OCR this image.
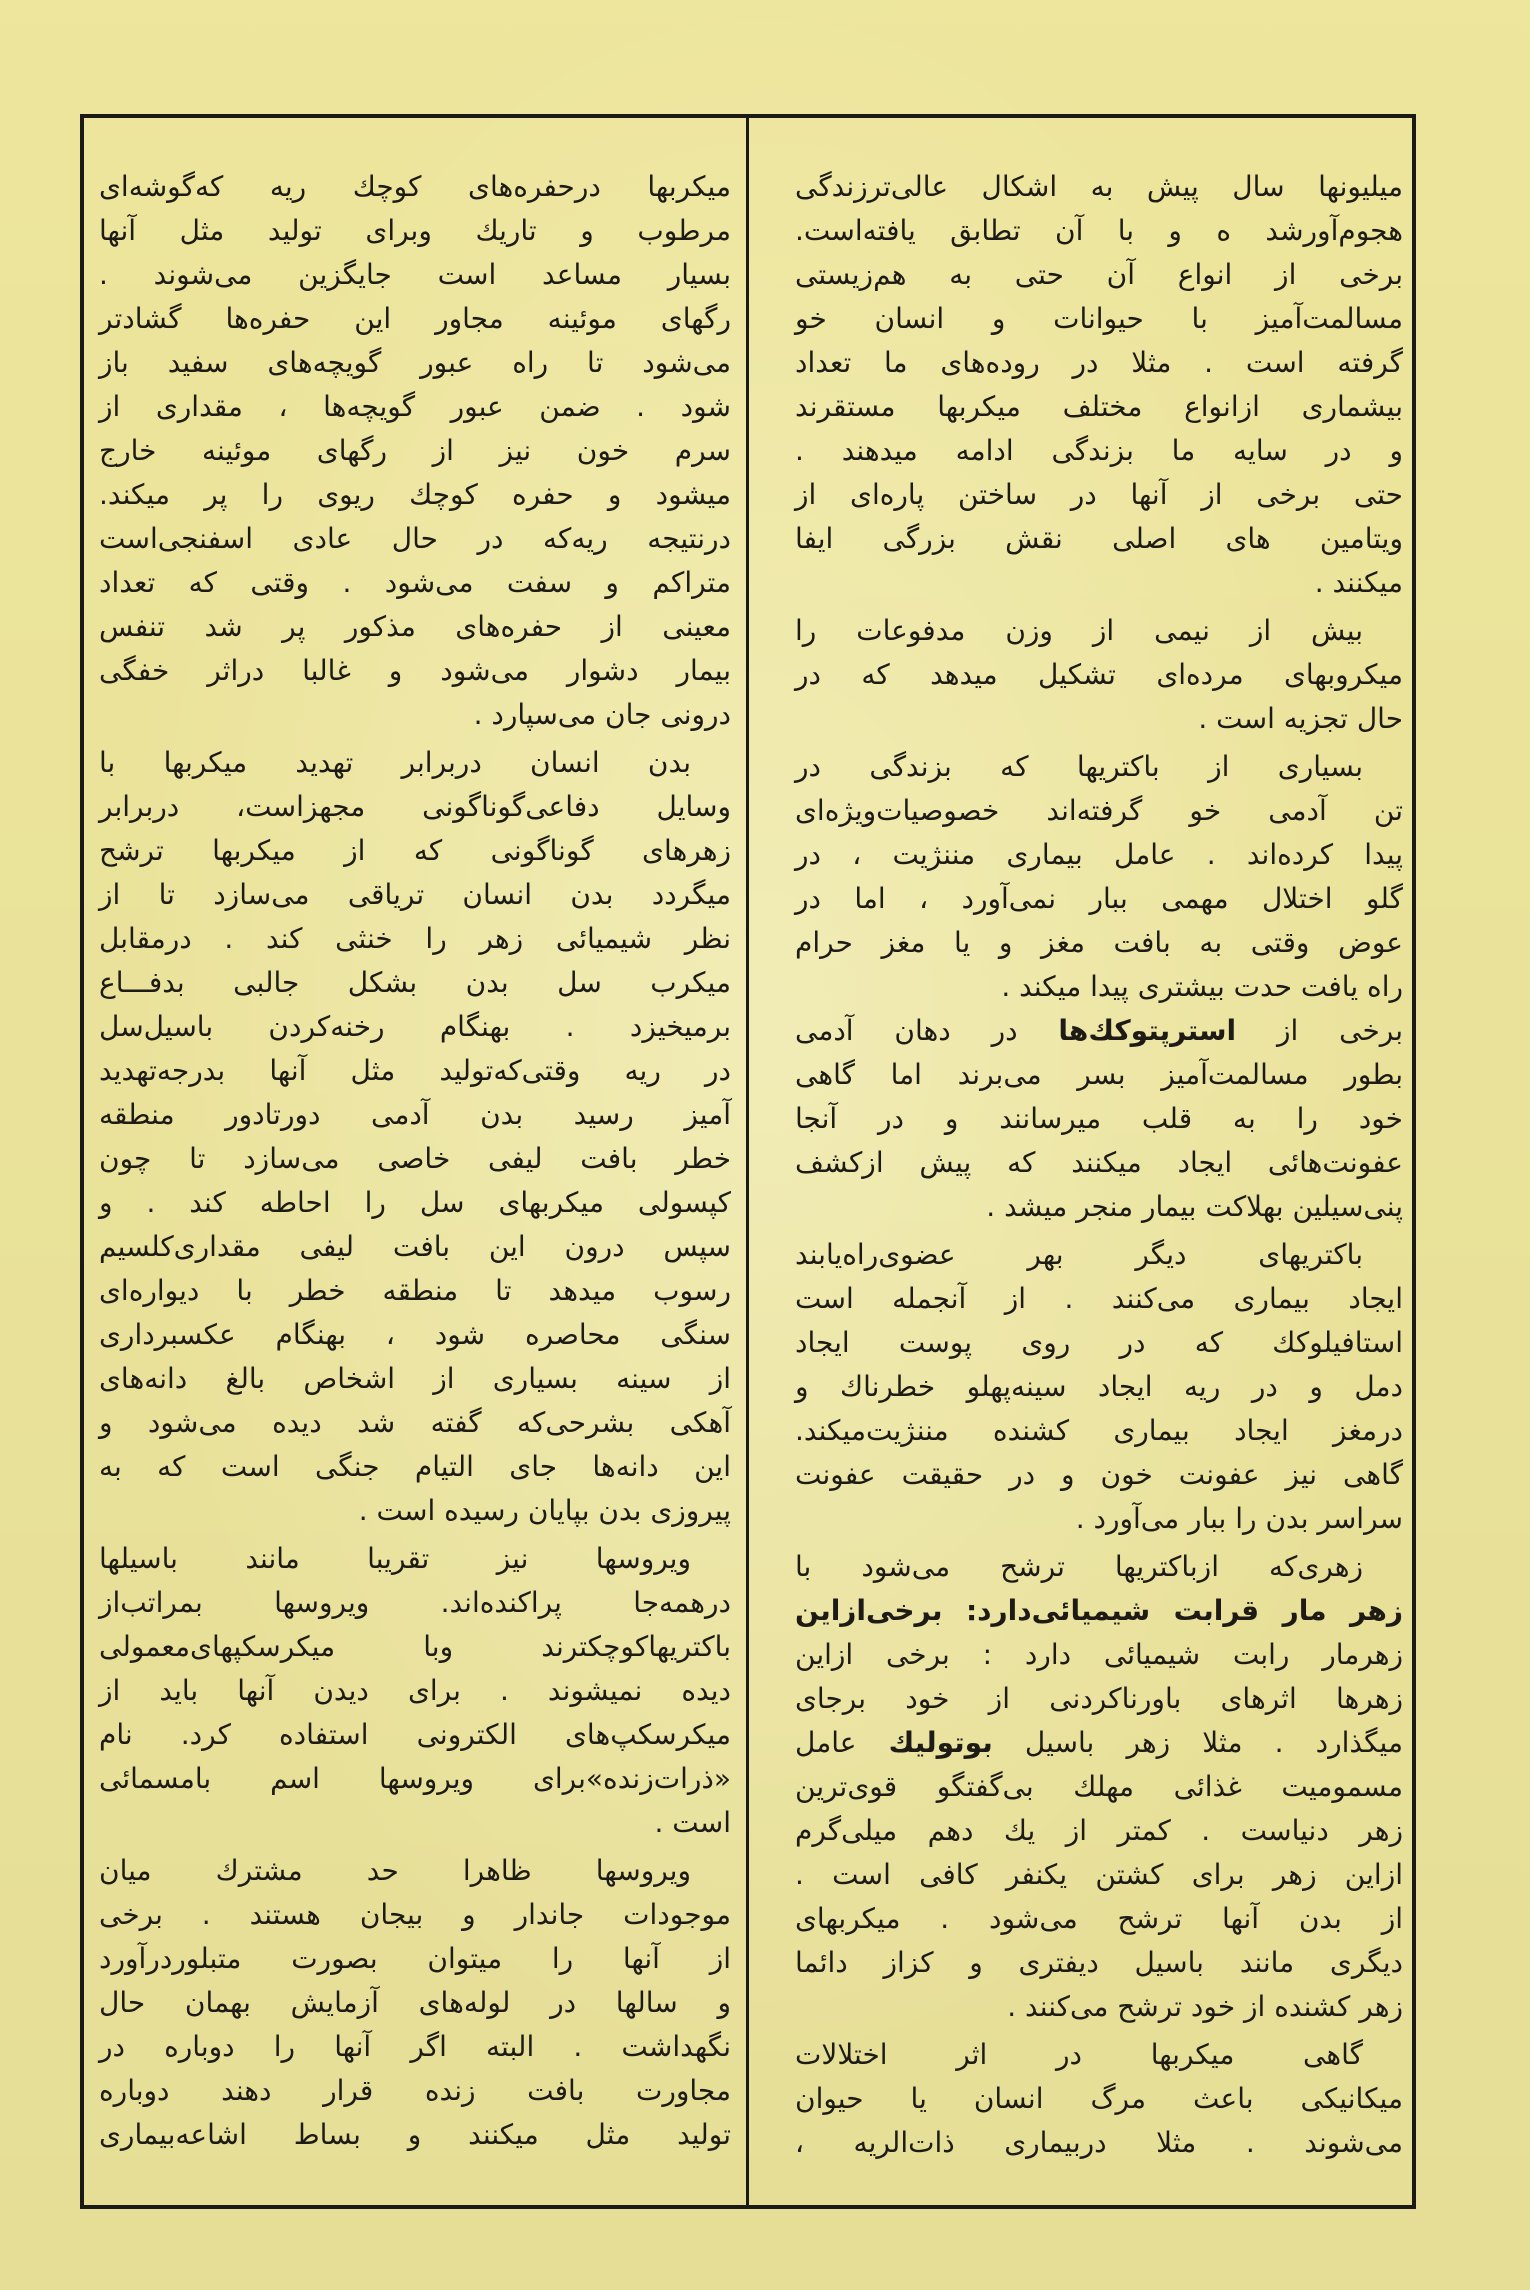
میلیونها سال پیش به اشکال عالی‌ترزندگی
هجوم‌آورشد ه و با آن تطابق یافته‌است.
برخی از انواع آن حتی به هم‌زیستی
مسالمت‌آمیز با حیوانات و انسان خو
گرفته است . مثلا در روده‌های ما تعداد
بیشماری ازانواع مختلف میکربها مستقرند
و در سایه ما بزندگی ادامه میدهند .
حتی برخی از آنها در ساختن پاره‌ای از
ویتامین های اصلی نقش بزرگی ایفا
میکنند .
بیش از نیمی از وزن مدفوعات را
میکروبهای مرده‌ای تشکیل میدهد که در
حال تجزیه است .
بسیاری از باکتریها که بزندگی در
تن آدمی خو گرفته‌اند خصوصیات‌ویژه‌ای
پیدا کرده‌اند . عامل بیماری مننژیت ، در
گلو اختلال مهمی ببار نمی‌آورد ، اما در
عوض وقتی به بافت مغز و یا مغز حرام
راه یافت حدت بیشتری پیدا میکند .
برخی از استرپتوکك‌ها در دهان آدمی
بطور مسالمت‌آمیز بسر می‌برند اما گاهی
خود را به قلب میرسانند و در آنجا
عفونت‌هائی ایجاد میکنند که پیش ازکشف
پنی‌سیلین بهلاکت بیمار منجر میشد .
باکتریهای دیگر بهر عضوی‌راه‌یابند
ایجاد بیماری می‌کنند . از آنجمله است
استافیلوکك که در روی پوست ایجاد
دمل و در ریه ایجاد سینه‌پهلو خطرناك و
درمغز ایجاد بیماری کشنده مننژیت‌میکند.
گاهی نیز عفونت خون و در حقیقت عفونت
سراسر بدن را ببار می‌آورد .
زهری‌که ازباکتریها ترشح می‌شود با
زهر مار قرابت شیمیائی‌دارد: برخی‌ازاین
زهرمار رابت شیمیائی دارد : برخی ازاین
زهرها اثرهای باورناکردنی از خود برجای
میگذارد . مثلا زهر باسیل بوتولیك عامل
مسمومیت غذائی مهلك بی‌گفتگو قوی‌ترین
زهر دنیاست . کمتر از یك دهم میلی‌گرم
ازاین زهر برای کشتن یکنفر کافی است .
از بدن آنها ترشح می‌شود . میکربهای
دیگری مانند باسیل دیفتری و کزاز دائما
زهر کشنده از خود ترشح می‌کنند .
گاهی میکربها در اثر اختلالات
میکانیکی باعث مرگ انسان یا حیوان
می‌شوند . مثلا دربیماری ذات‌الریه ،
میکربها درحفره‌های کوچك ریه که‌گوشه‌ای
مرطوب و تاریك وبرای تولید مثل آنها
بسیار مساعد است جایگزین می‌شوند .
رگهای موئینه مجاور این حفره‌ها گشادتر
می‌شود تا راه عبور گویچه‌های سفید باز
شود . ضمن عبور گویچه‌ها ، مقداری از
سرم خون نیز از رگهای موئینه خارج
میشود و حفره کوچك ریوی را پر میکند.
درنتیجه ریه‌که در حال عادی اسفنجی‌است
متراکم و سفت می‌شود . وقتی که تعداد
معینی از حفره‌های مذکور پر شد تنفس
بیمار دشوار می‌شود و غالبا دراثر خفگی
درونی جان می‌سپارد .
بدن انسان دربرابر تهدید میکربها با
وسایل دفاعی‌گوناگونی مجهزاست، دربرابر
زهرهای گوناگونی که از میکربها ترشح
میگردد بدن انسان تریاقی می‌سازد تا از
نظر شیمیائی زهر را خنثی کند . درمقابل
میکرب سل بدن بشکل جالبی بدفـــاع
برمیخیزد . بهنگام رخنه‌کردن باسیل‌سل
در ریه وقتی‌که‌تولید مثل آنها بدرجه‌تهدید
آمیز رسید بدن آدمی دورتادور منطقه
خطر بافت لیفی خاصی می‌سازد تا چون
کپسولی میکربهای سل را احاطه کند . و
سپس درون این بافت لیفی مقداری‌کلسیم
رسوب میدهد تا منطقه خطر با دیواره‌ای
سنگی محاصره شود ، بهنگام عکسبرداری
از سینه بسیاری از اشخاص بالغ دانه‌های
آهکی بشرحی‌که گفته شد دیده می‌شود و
این دانه‌ها جای التیام جنگی است که به
پیروزی بدن بپایان رسیده است .
ویروسها نیز تقریبا مانند باسیلها
درهمه‌جا پراکنده‌اند. ویروسها بمراتب‌از
باکتریهاکوچکترند وبا میکرسکپهای‌معمولی
دیده نمیشوند . برای دیدن آنها باید از
میکرسکپ‌های الکترونی استفاده کرد. نام
«ذرات‌زنده»برای ویروسها اسم بامسمائی
است .
ویروسها ظاهرا حد مشترك میان
موجودات جاندار و بیجان هستند . برخی
از آنها را میتوان بصورت متبلوردرآورد
و سالها در لوله‌های آزمایش بهمان حال
نگهداشت . البته اگر آنها را دوباره در
مجاورت بافت زنده قرار دهند دوباره
تولید مثل میکنند و بساط اشاعه‌بیماری
